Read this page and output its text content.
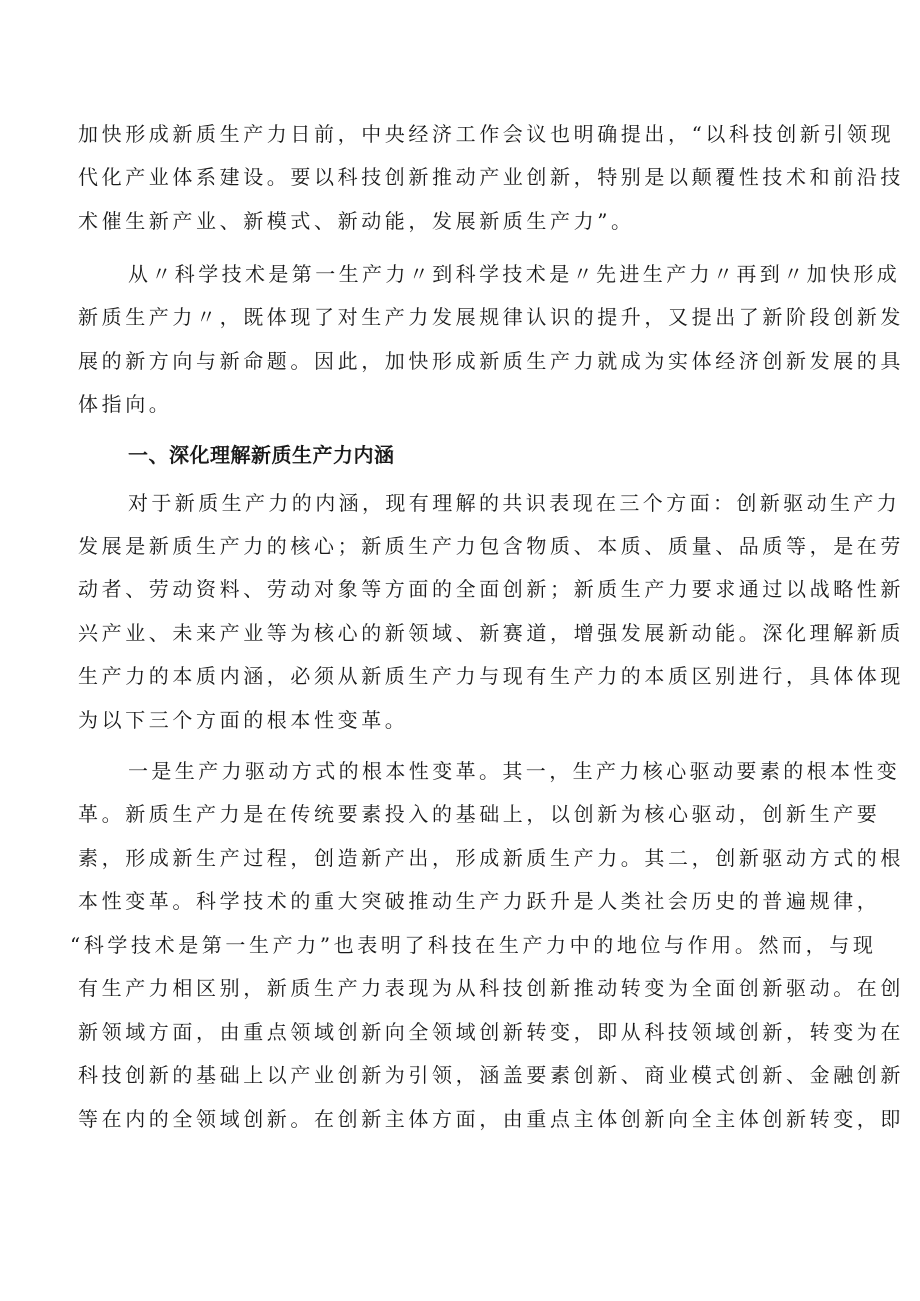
加快形成新质生产力日前，中央经济工作会议也明确提出，“以科技创新引领现
代化产业体系建设。要以科技创新推动产业创新，特别是以颠覆性技术和前沿技
术催生新产业、新模式、新动能，发展新质生产力”。
从〃科学技术是第一生产力〃到科学技术是〃先进生产力〃再到〃加快形成
新质生产力〃，既体现了对生产力发展规律认识的提升，又提出了新阶段创新发
展的新方向与新命题。因此，加快形成新质生产力就成为实体经济创新发展的具
体指向。
一、深化理解新质生产力内涵
对于新质生产力的内涵，现有理解的共识表现在三个方面：创新驱动生产力
发展是新质生产力的核心；新质生产力包含物质、本质、质量、品质等，是在劳
动者、劳动资料、劳动对象等方面的全面创新；新质生产力要求通过以战略性新
兴产业、未来产业等为核心的新领域、新赛道，增强发展新动能。深化理解新质
生产力的本质内涵，必须从新质生产力与现有生产力的本质区别进行，具体体现
为以下三个方面的根本性变革。
一是生产力驱动方式的根本性变革。其一，生产力核心驱动要素的根本性变
革。新质生产力是在传统要素投入的基础上，以创新为核心驱动，创新生产要
素，形成新生产过程，创造新产出，形成新质生产力。其二，创新驱动方式的根
本性变革。科学技术的重大突破推动生产力跃升是人类社会历史的普遍规律，
“科学技术是第一生产力”也表明了科技在生产力中的地位与作用。然而，与现
有生产力相区别，新质生产力表现为从科技创新推动转变为全面创新驱动。在创
新领域方面，由重点领域创新向全领域创新转变，即从科技领域创新，转变为在
科技创新的基础上以产业创新为引领，涵盖要素创新、商业模式创新、金融创新
等在内的全领域创新。在创新主体方面，由重点主体创新向全主体创新转变，即
